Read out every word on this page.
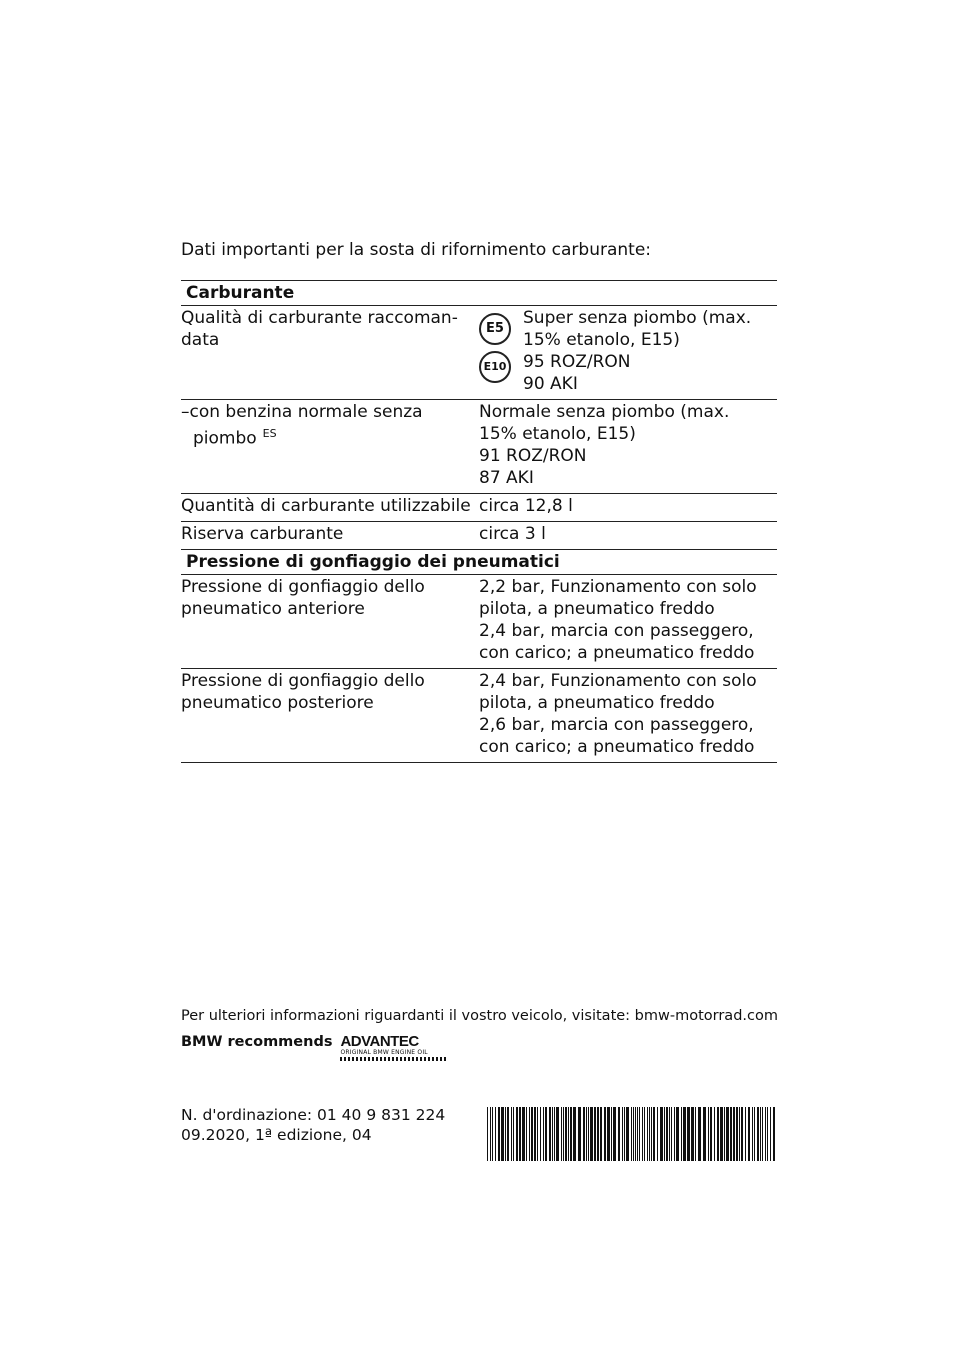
Dati importanti per la sosta di rifornimento carburante:
Carburante
Qualità di carburante raccoman-data
E5
E10
Super senza piombo (max.
15% etanolo, E15)
95 ROZ/RON
90 AKI
–con benzina normale senza piombo $^{ES}$
Normale senza piombo (max.
15% etanolo, E15)
91 ROZ/RON
87 AKI
Quantità di carburante utilizzabile circa 12,8 l
Riserva carburante	circa 3 l
Pressione di gonfiaggio dei pneumatici
Pressione di gonfiaggio dello pneumatico anteriore
2,2 bar, Funzionamento con solo
pilota, a pneumatico freddo
2,4 bar, marcia con passeggero,
con carico; a pneumatico freddo
Pressione di gonfiaggio dello pneumatico posteriore
2,4 bar, Funzionamento con solo
pilota, a pneumatico freddo
2,6 bar, marcia con passeggero,
con carico; a pneumatico freddo
Per ulteriori informazioni riguardanti il vostro veicolo, visitate: bmw-motorrad.com
BMW recommends ADVANTEC
ORIGINAL BMW ENGINE OIL
N. d'ordinazione: 01 40 9 831 224
09.2020, 1ª edizione, 04
